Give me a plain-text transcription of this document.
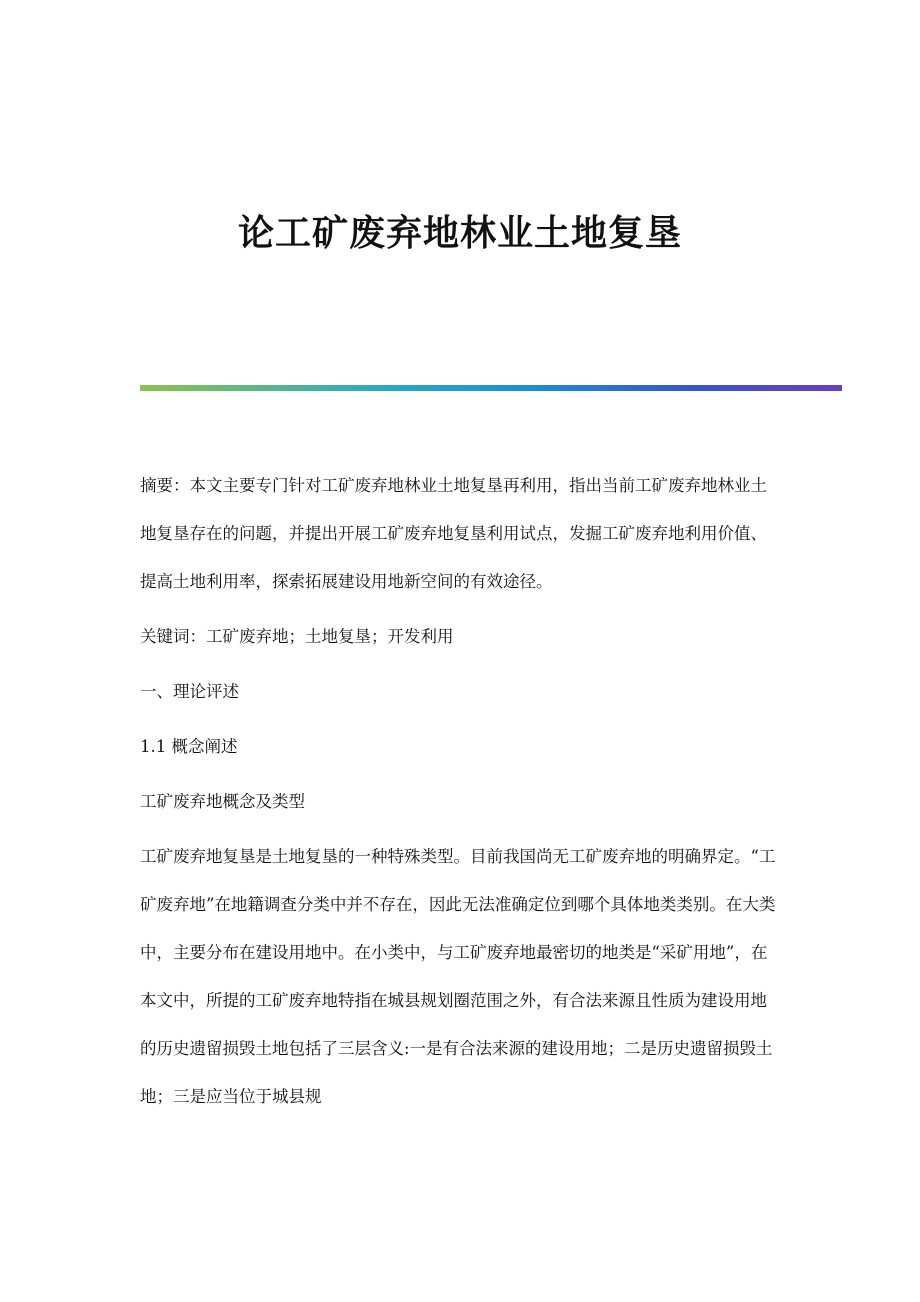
论工矿废弃地林业土地复垦

摘要：本文主要专门针对工矿废弃地林业土地复垦再利用，指出当前工矿废弃地林业土地复垦存在的问题，并提出开展工矿废弃地复垦利用试点，发掘工矿废弃地利用价值、提高土地利用率，探索拓展建设用地新空间的有效途径。

关键词：工矿废弃地；土地复垦；开发利用

一、理论评述

1.1 概念阐述

工矿废弃地概念及类型

工矿废弃地复垦是土地复垦的一种特殊类型。目前我国尚无工矿废弃地的明确界定。“工矿废弃地”在地籍调查分类中并不存在，因此无法准确定位到哪个具体地类类别。在大类中，主要分布在建设用地中。在小类中，与工矿废弃地最密切的地类是“采矿用地”，在本文中，所提的工矿废弃地特指在城县规划圈范围之外，有合法来源且性质为建设用地的历史遗留损毁土地包括了三层含义:一是有合法来源的建设用地；二是历史遗留损毁土地；三是应当位于城县规
